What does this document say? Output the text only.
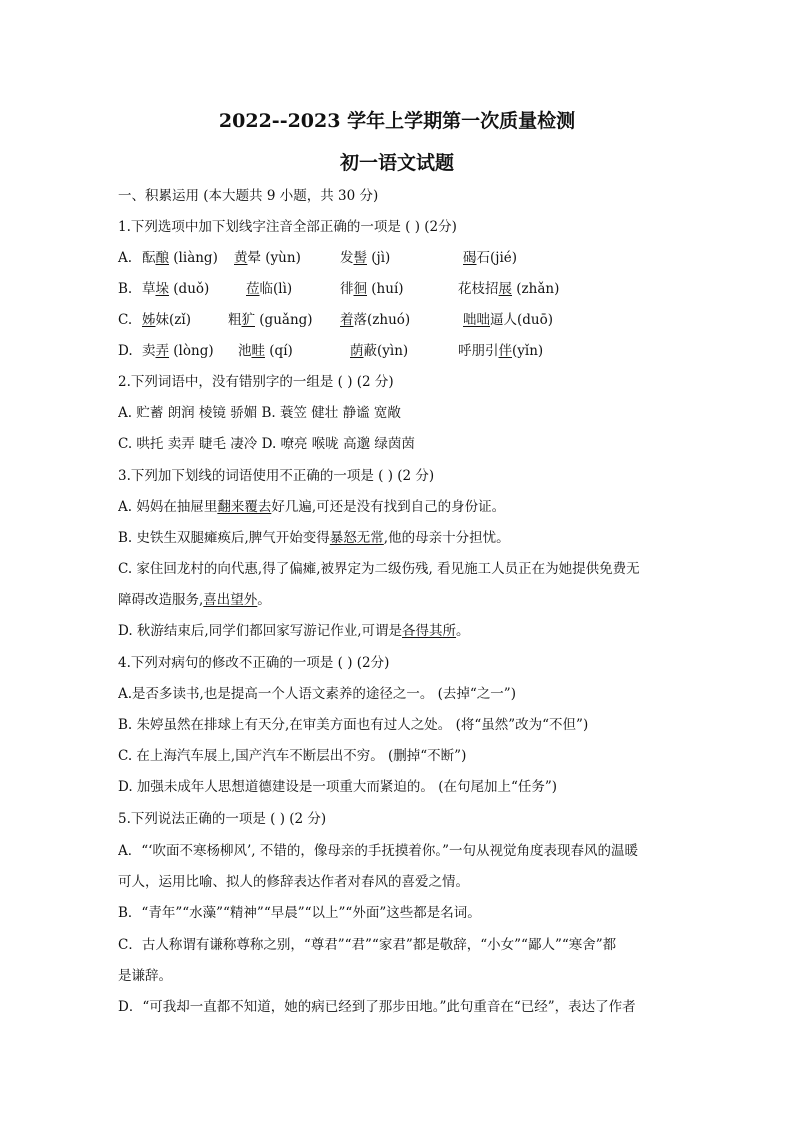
2022--2023 学年上学期第一次质量检测
初一语文试题
一、积累运用 (本大题共 9 小题，共 30 分)
1.下列选项中加下划线字注音全部正确的一项是 ( ) (2分)
A. 酝酿 (liàng) 黄晕 (yùn)	发髻 (jì)	碣石(jié)
B. 草垛 (duǒ)	莅临(lì)	徘徊 (huí)	花枝招展 (zhǎn)
C. 姊妹(zǐ)	粗犷 (guǎng) 着落(zhuó)	咄咄逼人(duō)
D. 卖弄 (lòng) 池畦 (qí)	荫蔽(yìn)	呼朋引伴(yǐn)
2.下列词语中，没有错别字的一组是 ( ) (2 分)
A. 贮蓄 朗润 棱镜 骄媚 B. 蓑笠 健壮 静谧 宽敞
C. 哄托 卖弄 睫毛 凄冷 D. 嘹亮 喉咙 高邈 绿茵茵
3.下列加下划线的词语使用不正确的一项是 ( ) (2 分)
A. 妈妈在抽屉里翻来覆去好几遍,可还是没有找到自己的身份证。
B. 史铁生双腿瘫痪后,脾气开始变得暴怒无常,他的母亲十分担忧。
C. 家住回龙村的向代惠,得了偏瘫,被界定为二级伤残, 看见施工人员正在为她提供免费无
障碍改造服务,喜出望外。
D. 秋游结束后,同学们都回家写游记作业,可谓是各得其所。
4.下列对病句的修改不正确的一项是 ( ) (2分)
A.是否多读书,也是提高一个人语文素养的途径之一。 (去掉“之一”)
B. 朱婷虽然在排球上有天分,在审美方面也有过人之处。 (将“虽然”改为“不但”)
C. 在上海汽车展上,国产汽车不断层出不穷。 (删掉“不断”)
D. 加强未成年人思想道德建设是一项重大而紧迫的。 (在句尾加上“任务”)
5.下列说法正确的一项是 ( ) (2 分)
A．“‘吹面不寒杨柳风’, 不错的，像母亲的手抚摸着你。”一句从视觉角度表现春风的温暖
可人，运用比喻、拟人的修辞表达作者对春风的喜爱之情。
B．“青年”“水藻”“精神”“早晨”“以上”“外面”这些都是名词。
C．古人称谓有谦称尊称之别，“尊君”“君”“家君”都是敬辞，“小女”“鄙人”“寒舍”都
是谦辞。
D．“可我却一直都不知道，她的病已经到了那步田地。”此句重音在“已经”，表达了作者
